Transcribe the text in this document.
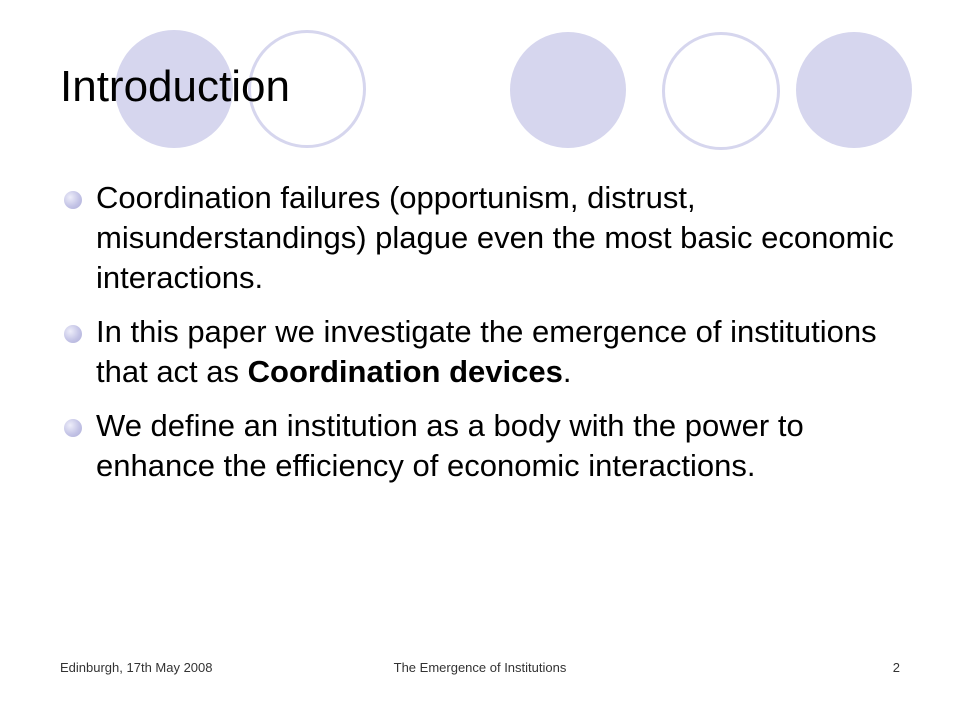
Introduction
Coordination failures (opportunism, distrust, misunderstandings) plague even the most basic economic interactions.
In this paper we investigate the emergence of institutions that act as Coordination devices.
We define an institution as a body with the power to enhance the efficiency of economic interactions.
Edinburgh, 17th May 2008	The Emergence of Institutions	2
